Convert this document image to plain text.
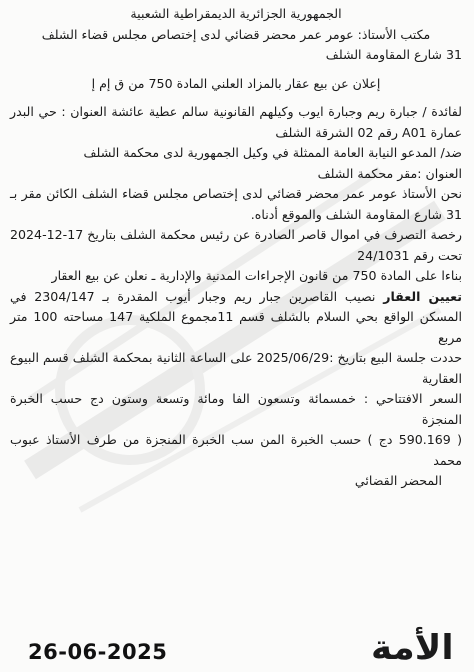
الجمهورية الجزائرية الديمقراطية الشعبية

مكتب الأستاذ: عومر عمر محضر قضائي لدى إختصاص مجلس قضاء الشلف

31 شارع المقاومة الشلف

إعلان عن بيع عقار بالمزاد العلني المادة 750 من ق إم إ

لفائدة / جبارة ريم وجبارة ايوب وكيلهم القانونية سالم عطية عائشة العنوان : حي البدر عمارة A01 رقم 02 الشرقة الشلف

ضد/ المدعو النيابة العامة الممثلة في وكيل الجمهورية لدى محكمة الشلف

العنوان :مقر محكمة الشلف

نحن الأستاذ عومر عمر محضر قضائي لدى إختصاص مجلس قضاء الشلف الكائن مقر بـ 31 شارع المقاومة الشلف والموقع أدناه.

رخصة التصرف في اموال قاصر الصادرة عن رئيس محكمة الشلف بتاريخ 17-12-2024 تحت رقم 24/1031

بناءا على المادة 750 من قانون الإجراءات المدنية والإدارية ـ نعلن عن بيع العقار

تعيين العقار نصيب القاصرين جبار ريم وجبار أيوب المقدرة بـ 2304/147 في المسكن الواقع بحي السلام بالشلف قسم 11مجموع الملكية 147 مساحته 100 متر مربع

حددت جلسة البيع بتاريخ :2025/06/29 على الساعة الثانية بمحكمة الشلف قسم البيوع العقارية

السعر الافتتاحي : خمسمائة وتسعون الفا ومائة وتسعة وستون دج حسب الخبرة المنجزة

( 590.169 دج ) حسب الخبرة المن سب الخبرة المنجزة من طرف الأستاذ عبوب محمد

المحضر القضائي

26-06-2025	الأمة
